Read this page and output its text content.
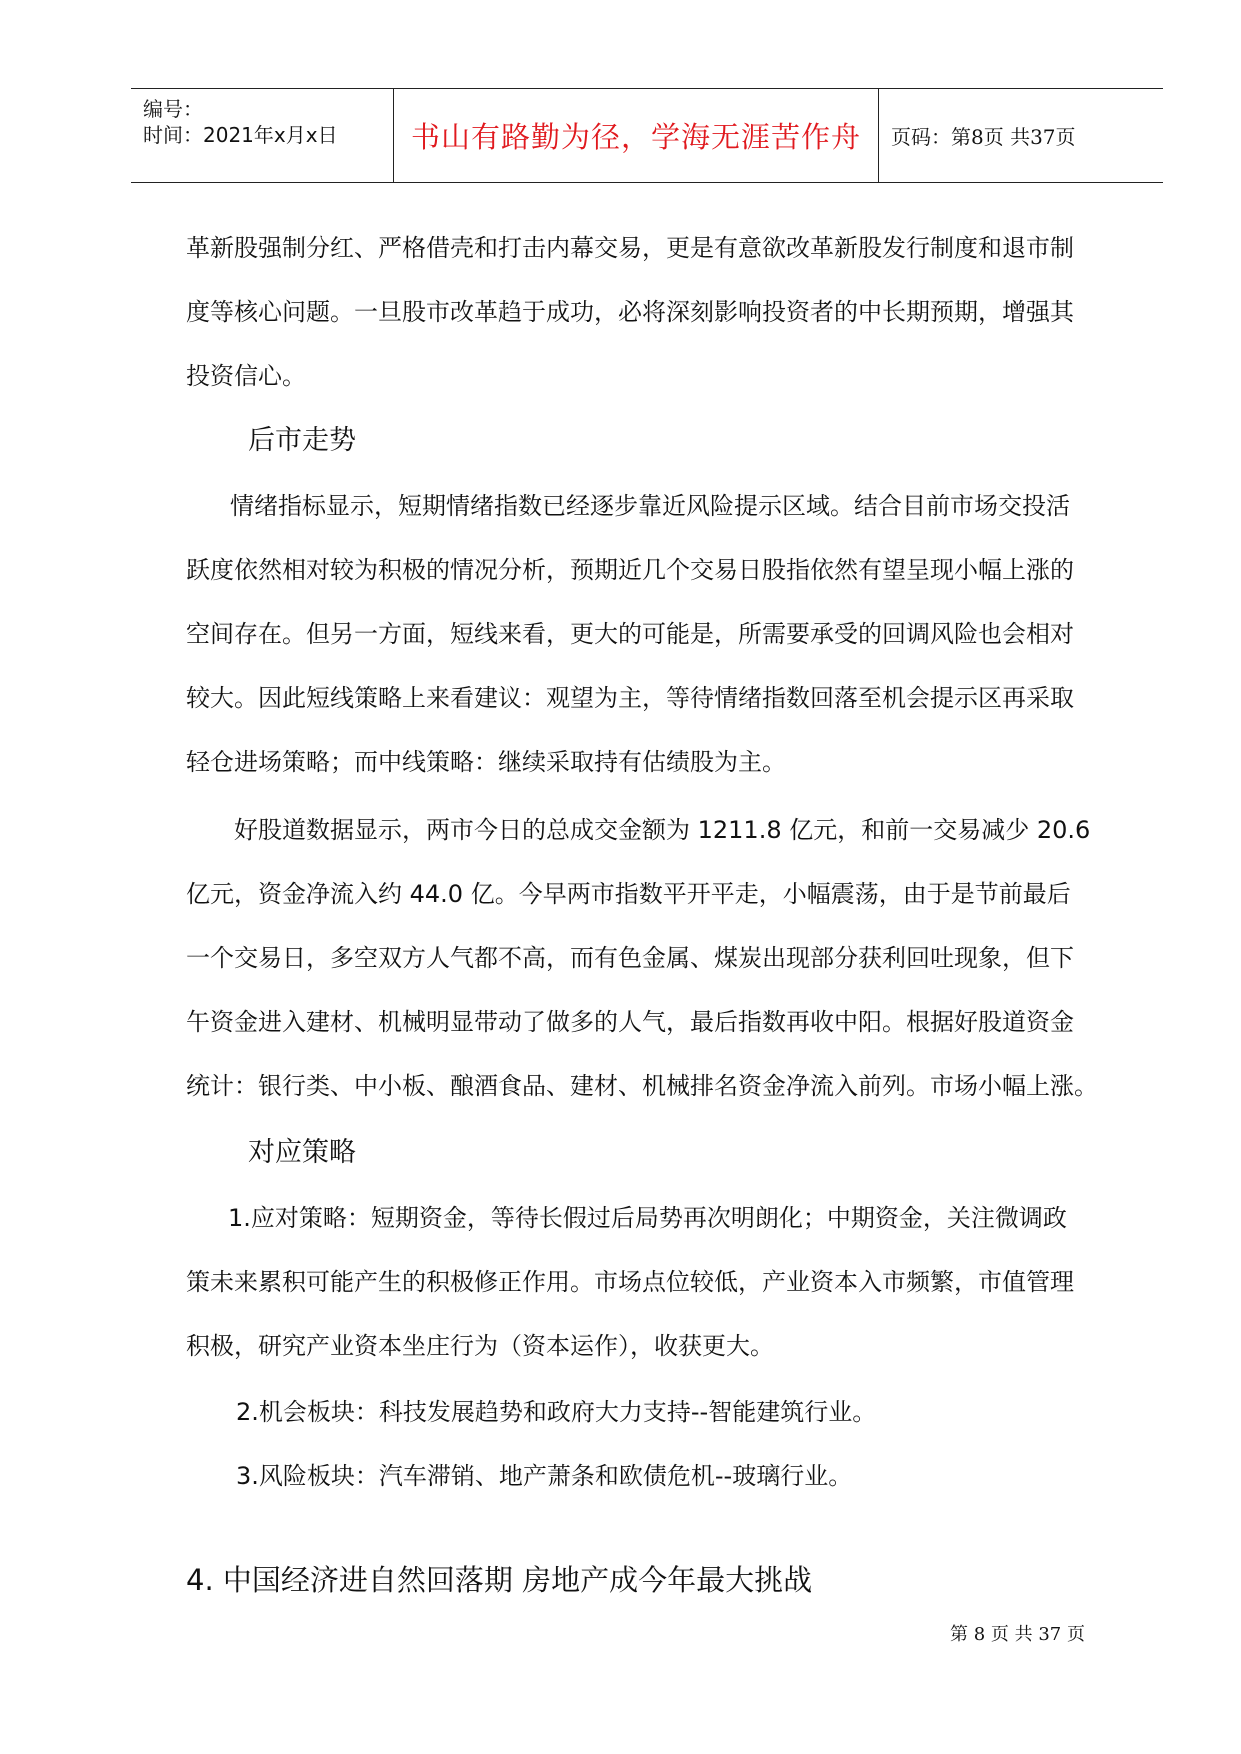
编号：
时间：2021年x月x日	书山有路勤为径，学海无涯苦作舟 页码：第8页 共37页
革新股强制分红、严格借壳和打击内幕交易，更是有意欲改革新股发行制度和退市制
度等核心问题。一旦股市改革趋于成功，必将深刻影响投资者的中长期预期，增强其
投资信心。
后市走势
情绪指标显示，短期情绪指数已经逐步靠近风险提示区域。结合目前市场交投活
跃度依然相对较为积极的情况分析，预期近几个交易日股指依然有望呈现小幅上涨的
空间存在。但另一方面，短线来看，更大的可能是，所需要承受的回调风险也会相对
较大。因此短线策略上来看建议：观望为主，等待情绪指数回落至机会提示区再采取
轻仓进场策略；而中线策略：继续采取持有估绩股为主。
好股道数据显示，两市今日的总成交金额为 1211.8 亿元，和前一交易减少 20.6
亿元，资金净流入约 44.0 亿。今早两市指数平开平走，小幅震荡，由于是节前最后
一个交易日，多空双方人气都不高，而有色金属、煤炭出现部分获利回吐现象，但下
午资金进入建材、机械明显带动了做多的人气，最后指数再收中阳。根据好股道资金
统计：银行类、中小板、酿酒食品、建材、机械排名资金净流入前列。市场小幅上涨。
对应策略
1.应对策略：短期资金，等待长假过后局势再次明朗化；中期资金，关注微调政
策未来累积可能产生的积极修正作用。市场点位较低，产业资本入市频繁，市值管理
积极，研究产业资本坐庄行为（资本运作），收获更大。
2.机会板块：科技发展趋势和政府大力支持--智能建筑行业。
3.风险板块：汽车滞销、地产萧条和欧债危机--玻璃行业。
4. 中国经济进自然回落期 房地产成今年最大挑战
第 8 页 共 37 页
